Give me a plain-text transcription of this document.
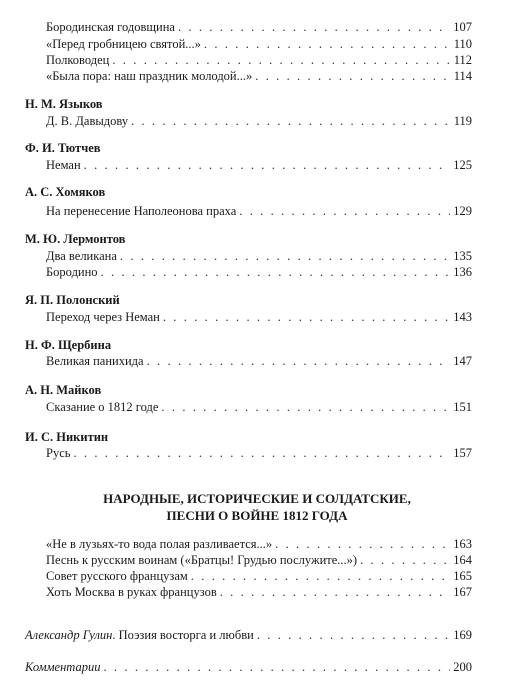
Бородинская годовщина . . .	107
«Перед гробницею святой...» . . .	110
Полководец . . .	112
«Была пора: наш праздник молодой...» . . .	114
Н. М. Языков
Д. В. Давыдову . . .	119
Ф. И. Тютчев
Неман . . .	125
А. С. Хомяков
На перенесение Наполеонова праха . . .	129
М. Ю. Лермонтов
Два великана . . .	135
Бородино . . .	136
Я. П. Полонский
Переход через Неман . . .	143
Н. Ф. Щербина
Великая панихида . . .	147
А. Н. Майков
Сказание о 1812 годе . . .	151
И. С. Никитин
Русь . . .	157
НАРОДНЫЕ, ИСТОРИЧЕСКИЕ И СОЛДАТСКИЕ,
ПЕСНИ О ВОЙНЕ 1812 ГОДА
«Не в лузьях-то вода полая разливается...» . . .	163
Песнь к русским воинам («Братцы! Грудью послужите...») . . .	164
Совет русского французам . . .	165
Хоть Москва в руках французов . . .	167
Александр Гулин. Поэзия восторга и любви . . .	169
Комментарии . . .	200
